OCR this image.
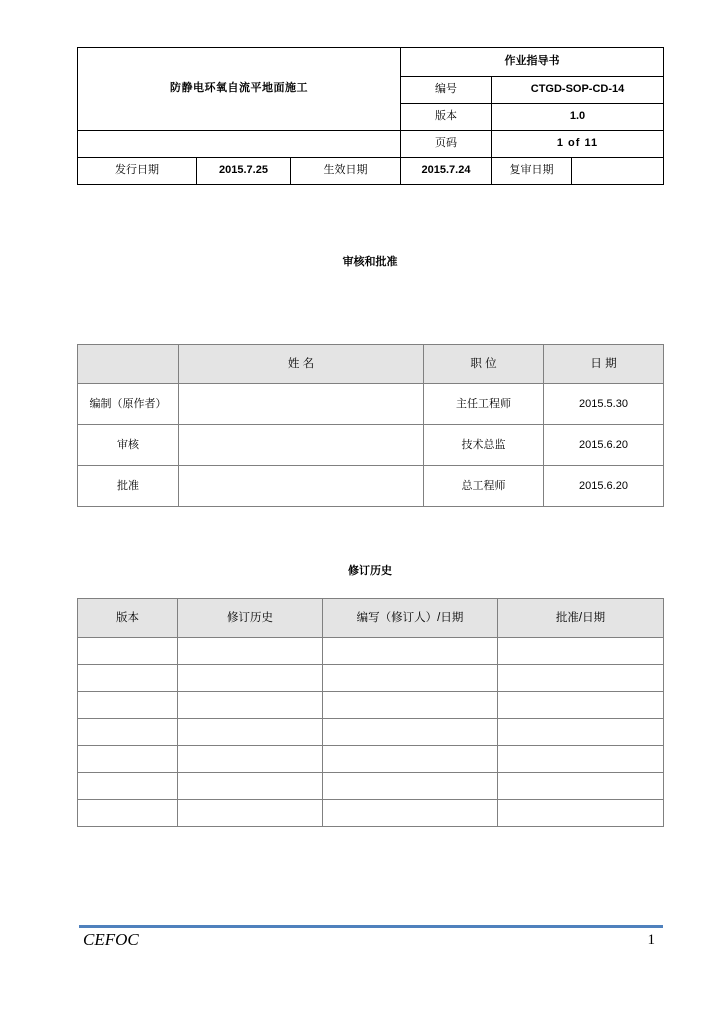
防静电环氧自流平地面施工			作业指导书		
			编号	CTGD-SOP-CD-14	
			版本	1.0	
			页码	1 of 11	
发行日期	2015.7.25	生效日期	2015.7.24	复审日期	
审核和批准
	姓 名	职 位	日 期
编制（原作者）		主任工程师	2015.5.30
审核		技术总监	2015.6.20
批准		总工程师	2015.6.20
修订历史
版本	修订历史	编写（修订人）/日期	批准/日期

CEFOC	1
